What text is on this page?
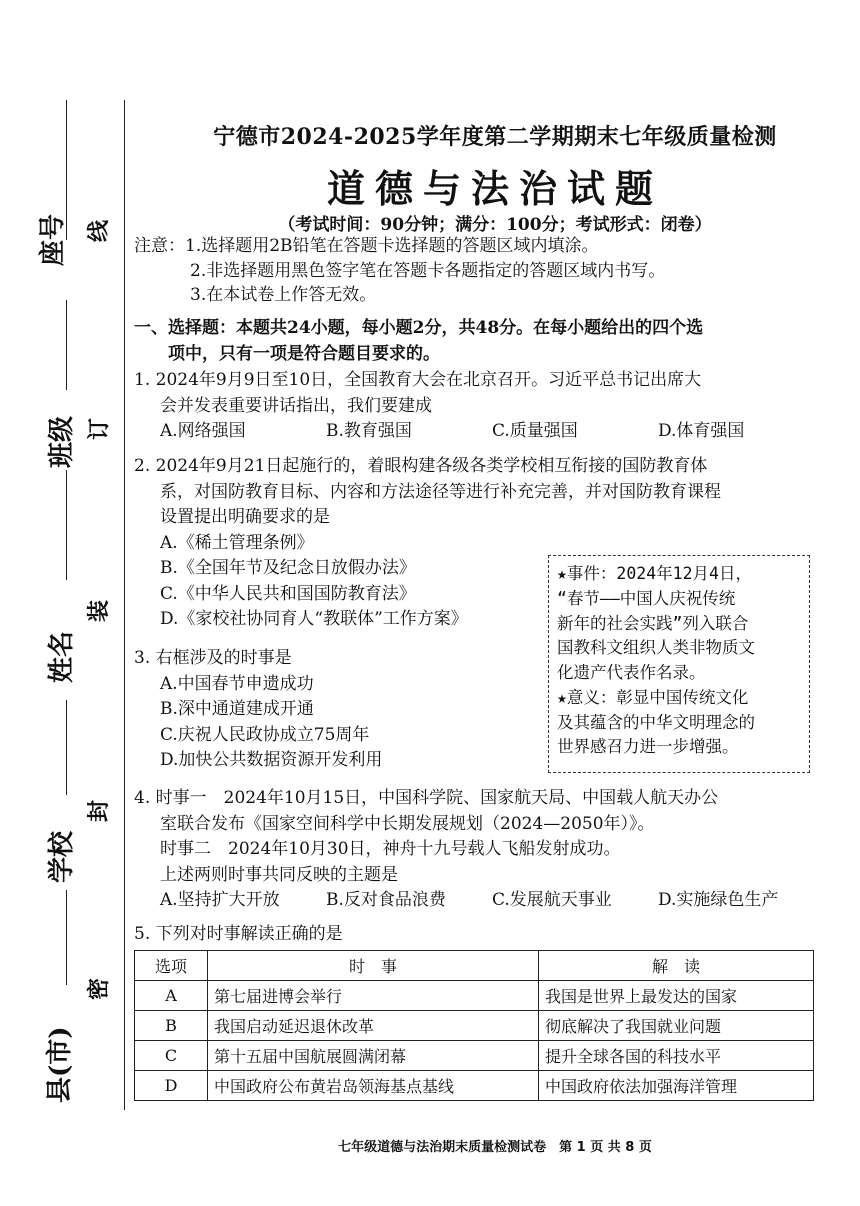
座号
班级
姓名
学校
县(市)
线
订
装
封
密
宁德市2024-2025学年度第二学期期末七年级质量检测
道德与法治试题
（考试时间：90分钟；满分：100分；考试形式：闭卷）
注意：1.选择题用2B铅笔在答题卡选择题的答题区域内填涂。
2.非选择题用黑色签字笔在答题卡各题指定的答题区域内书写。
3.在本试卷上作答无效。
一、选择题：本题共24小题，每小题2分，共48分。在每小题给出的四个选
项中，只有一项是符合题目要求的。
1. 2024年9月9日至10日，全国教育大会在北京召开。习近平总书记出席大
会并发表重要讲话指出，我们要建成
A.网络强国	B.教育强国	C.质量强国	D.体育强国
2. 2024年9月21日起施行的，着眼构建各级各类学校相互衔接的国防教育体
系，对国防教育目标、内容和方法途径等进行补充完善，并对国防教育课程
设置提出明确要求的是
A.《稀土管理条例》
B.《全国年节及纪念日放假办法》
C.《中华人民共和国国防教育法》
D.《家校社协同育人“教联体”工作方案》
3. 右框涉及的时事是
A.中国春节申遗成功
B.深中通道建成开通
C.庆祝人民政协成立75周年
D.加快公共数据资源开发利用
★事件：2024年12月4日，
“春节——中国人庆祝传统
新年的社会实践”列入联合
国教科文组织人类非物质文
化遗产代表作名录。
★意义：彰显中国传统文化
及其蕴含的中华文明理念的
世界感召力进一步增强。
4. 时事一　2024年10月15日，中国科学院、国家航天局、中国载人航天办公
室联合发布《国家空间科学中长期发展规划（2024—2050年）》。
时事二　2024年10月30日，神舟十九号载人飞船发射成功。
上述两则时事共同反映的主题是
A.坚持扩大开放	B.反对食品浪费	C.发展航天事业	D.实施绿色生产
5. 下列对时事解读正确的是
选项	时　事	解　读
A	第七届进博会举行	我国是世界上最发达的国家
B	我国启动延迟退休改革	彻底解决了我国就业问题
C	第十五届中国航展圆满闭幕	提升全球各国的科技水平
D	中国政府公布黄岩岛领海基点基线	中国政府依法加强海洋管理
七年级道德与法治期末质量检测试卷　第 1 页 共 8 页
